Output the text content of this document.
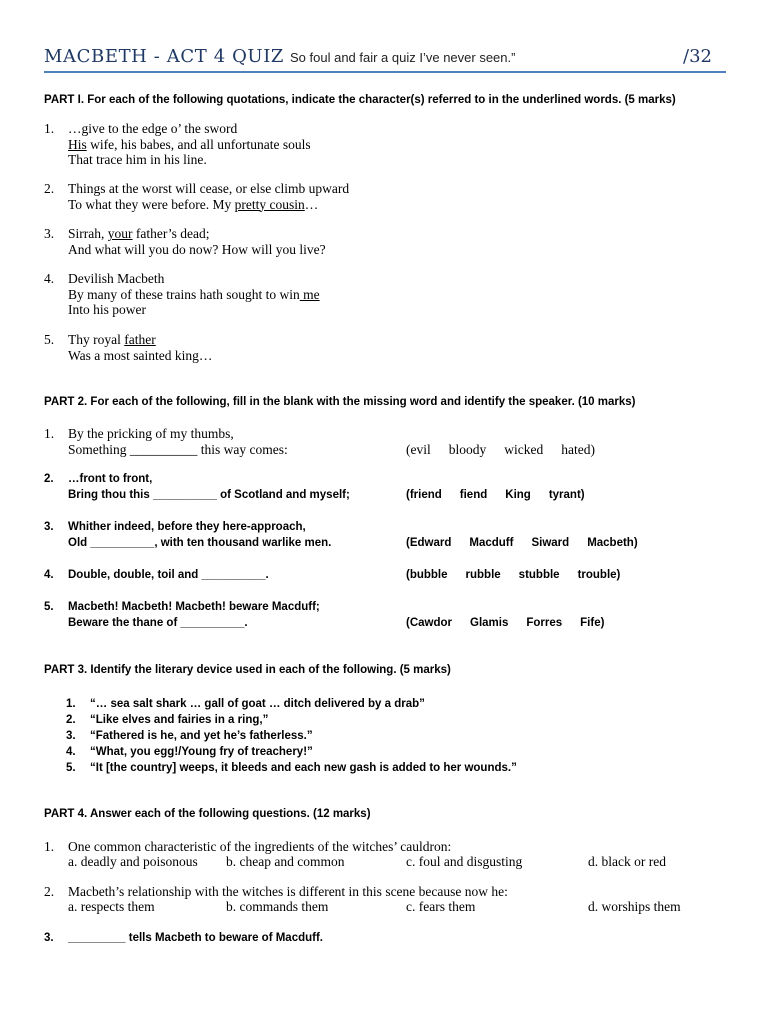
MACBETH - ACT 4 QUIZ So foul and fair a quiz I’ve never seen.”	/32
PART I. For each of the following quotations, indicate the character(s) referred to in the underlined words. (5 marks)
1. …give to the edge o’ the sword
His wife, his babes, and all unfortunate souls
That trace him in his line.
2. Things at the worst will cease, or else climb upward
To what they were before. My pretty cousin…
3. Sirrah, your father’s dead;
And what will you do now? How will you live?
4. Devilish Macbeth
By many of these trains hath sought to win me
Into his power
5. Thy royal father
Was a most sainted king…
PART 2. For each of the following, fill in the blank with the missing word and identify the speaker. (10 marks)
1. By the pricking of my thumbs,
Something __________ this way comes:	(evil bloody wicked hated)
2. …front to front,
Bring thou this __________ of Scotland and myself;	(friend fiend King tyrant)
3. Whither indeed, before they here-approach,
Old __________, with ten thousand warlike men.	(Edward Macduff Siward Macbeth)
4. Double, double, toil and __________.	(bubble rubble stubble trouble)
5. Macbeth! Macbeth! Macbeth! beware Macduff;
Beware the thane of __________.	(Cawdor Glamis Forres Fife)
PART 3. Identify the literary device used in each of the following. (5 marks)
1. “… sea salt shark … gall of goat … ditch delivered by a drab”
2. “Like elves and fairies in a ring,”
3. “Fathered is he, and yet he’s fatherless.”
4. “What, you egg!/Young fry of treachery!”
5. “It [the country] weeps, it bleeds and each new gash is added to her wounds.”
PART 4. Answer each of the following questions. (12 marks)
1. One common characteristic of the ingredients of the witches’ cauldron:
a. deadly and poisonous b. cheap and common	c. foul and disgusting	d. black or red
2. Macbeth’s relationship with the witches is different in this scene because now he:
a. respects them	b. commands them	c. fears them	d. worships them
3. _________ tells Macbeth to beware of Macduff.
